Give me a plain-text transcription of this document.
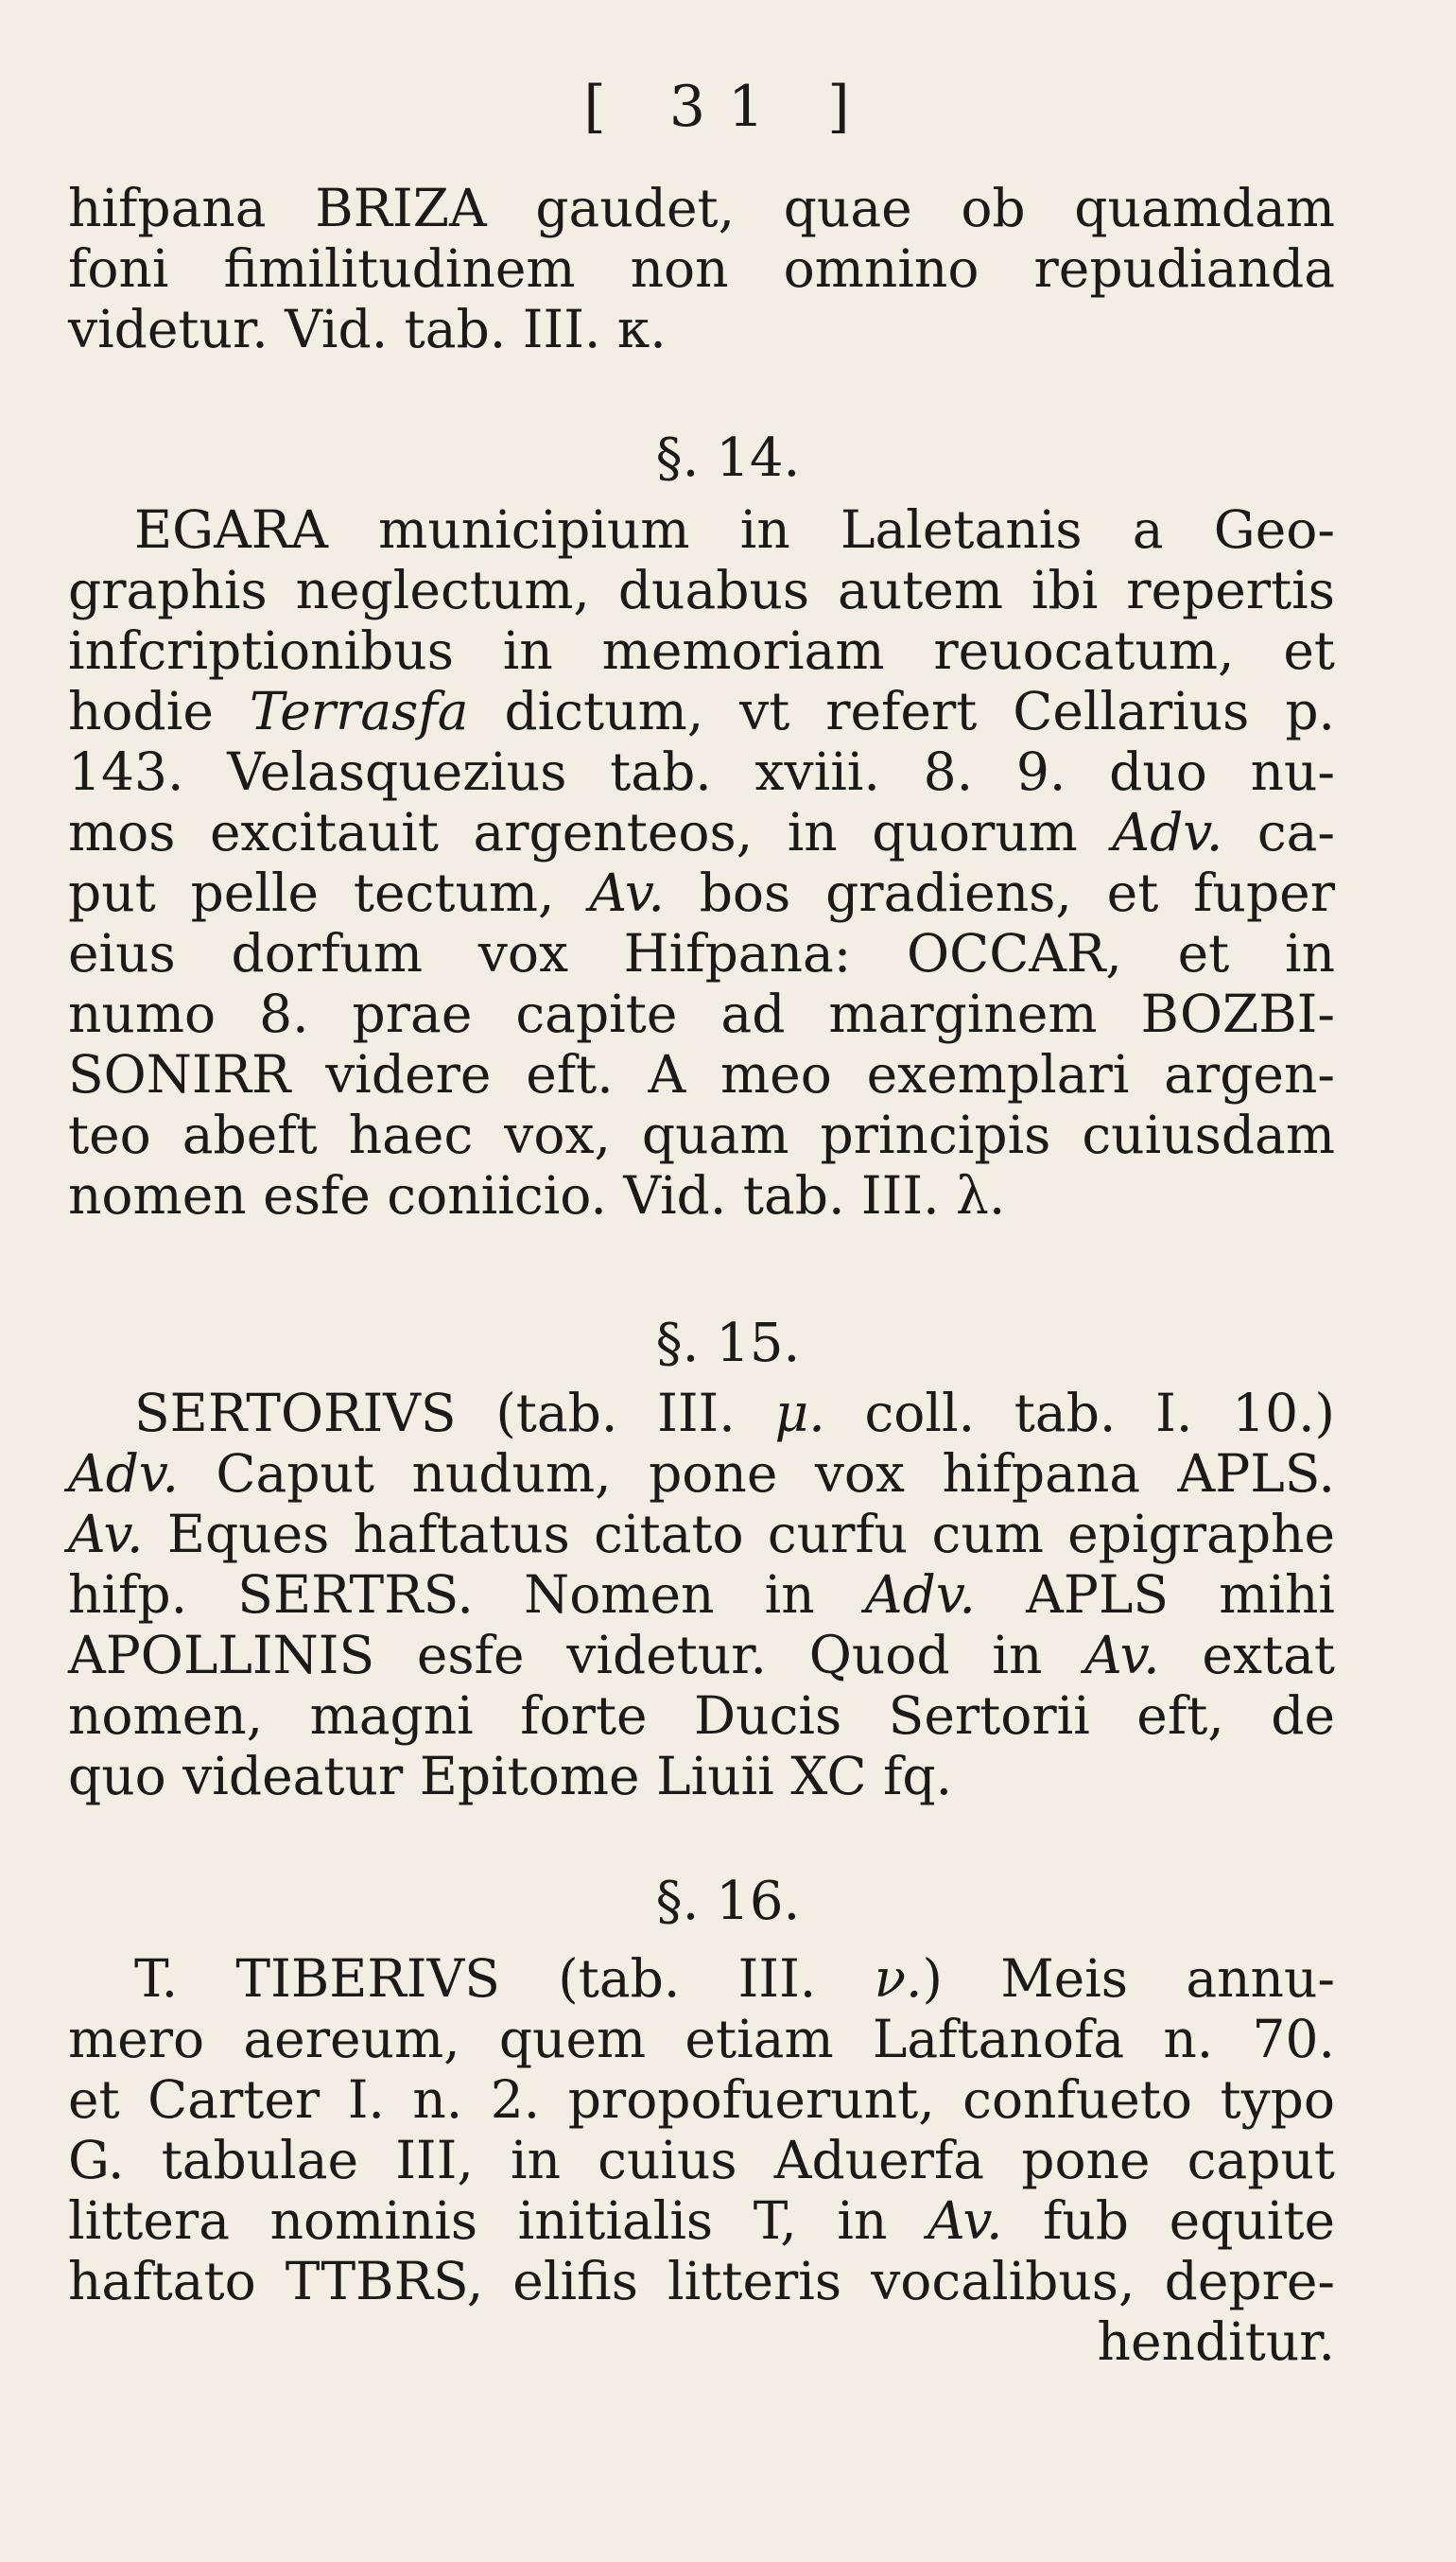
[ 31 ]
hifpana BRIZA gaudet, quae ob quamdam
foni fimilitudinem non omnino repudianda
videtur. Vid. tab. III. κ.
§. 14.
EGARA municipium in Laletanis a Geo-
graphis neglectum, duabus autem ibi repertis
infcriptionibus in memoriam reuocatum, et
hodie Terrasfa dictum, vt refert Cellarius p.
143. Velasquezius tab. xviii. 8. 9. duo nu-
mos excitauit argenteos, in quorum Adv. ca-
put pelle tectum, Av. bos gradiens, et fuper
eius dorfum vox Hifpana: OCCAR, et in
numo 8. prae capite ad marginem BOZBI-
SONIRR videre eft. A meo exemplari argen-
teo abeft haec vox, quam principis cuiusdam
nomen esfe coniicio. Vid. tab. III. λ.
§. 15.
SERTORIVS (tab. III. μ. coll. tab. I. 10.)
Adv. Caput nudum, pone vox hifpana APLS.
Av. Eques haftatus citato curfu cum epigraphe
hifp. SERTRS. Nomen in Adv. APLS mihi
APOLLINIS esfe videtur. Quod in Av. extat
nomen, magni forte Ducis Sertorii eft, de
quo videatur Epitome Liuii XC fq.
§. 16.
T. TIBERIVS (tab. III. ν.) Meis annu-
mero aereum, quem etiam Laftanofa n. 70.
et Carter I. n. 2. propofuerunt, confueto typo
G. tabulae III, in cuius Aduerfa pone caput
littera nominis initialis T, in Av. fub equite
haftato TTBRS, elifis litteris vocalibus, depre-
henditur.
